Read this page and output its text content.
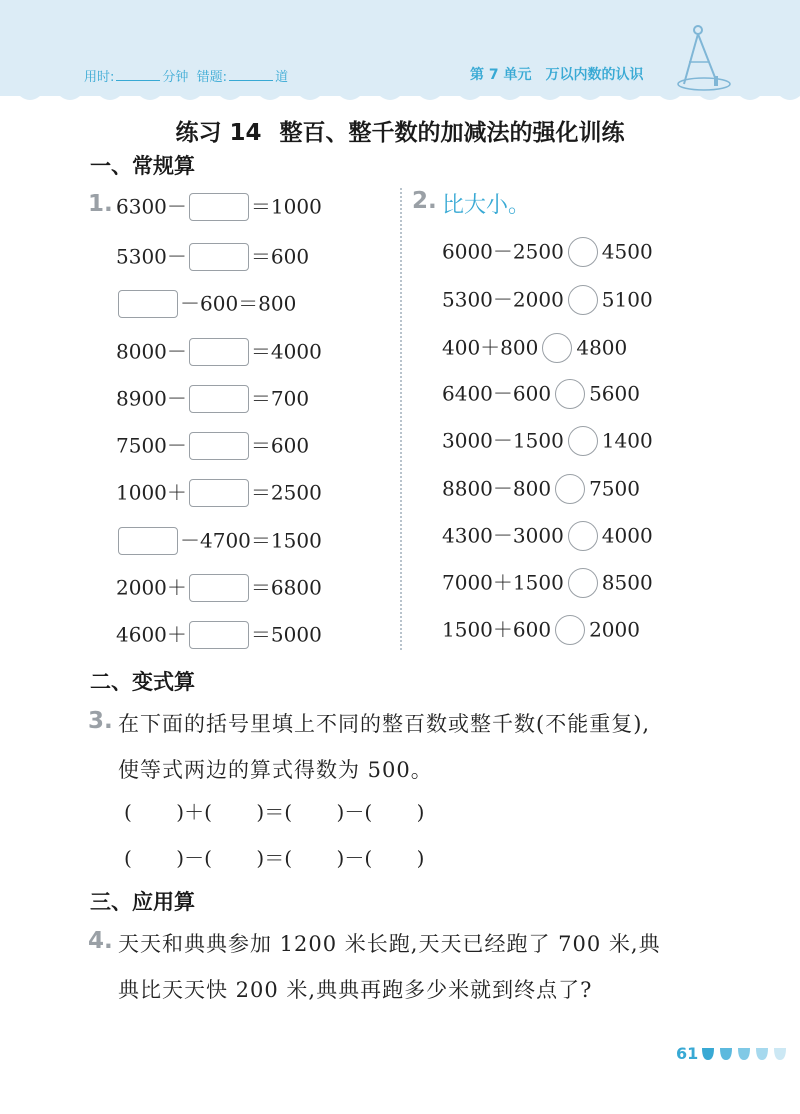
用时:	分钟 错题:	道	第 7 单元 万以内数的认识
练习 14 整百、整千数的加减法的强化训练
一、常规算
1. 6300－	＝1000
5300－	＝600
－600＝800
8000－	＝4000
8900－	＝700
7500－	＝600
1000＋	＝2500
－4700＝1500
2000＋	＝6800
4600＋	＝5000
2. 比大小。
6000－2500 4500
5300－2000 5100
400＋800 4800
6400－600 5600
3000－1500 1400
8800－800 7500
4300－3000 4000
7000＋1500 8500
1500＋600 2000
二、变式算
3. 在下面的括号里填上不同的整百数或整千数(不能重复),
使等式两边的算式得数为 500。
(       )＋(       )＝(       )－(       )
(       )－(       )＝(       )－(       )
三、应用算
4. 天天和典典参加 1200 米长跑,天天已经跑了 700 米,典
典比天天快 200 米,典典再跑多少米就到终点了?
61
